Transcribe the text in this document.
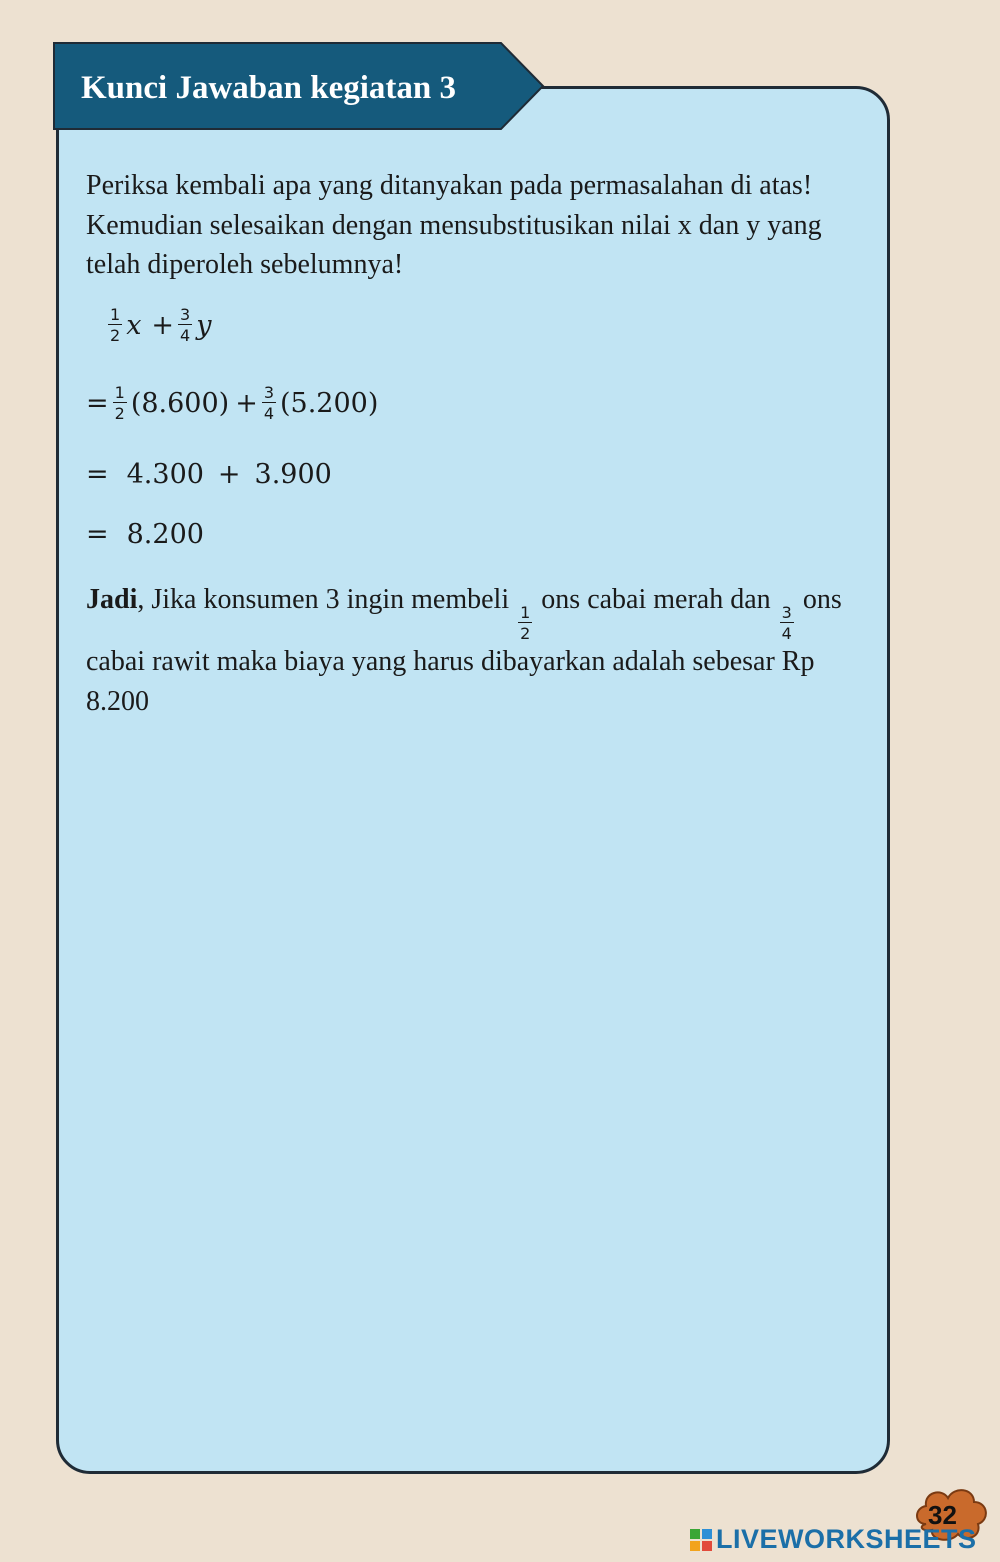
Kunci Jawaban kegiatan 3
Periksa kembali apa yang ditanyakan pada permasalahan di atas! Kemudian selesaikan dengan mensubstitusikan nilai x dan y yang telah diperoleh sebelumnya!
$\frac{1}{2}$ $x + \frac{3}{4}$ y
= $\frac{1}{2} (8.600) + \frac{3}{4} (5.200)$
= 4.300 + 3.900
= 8.200
Jadi, Jika konsumen 3 ingin membeli
$\frac{1}{2}$
ons cabai merah dan
$\frac{3}{4}$
ons cabai rawit maka biaya yang harus dibayarkan adalah sebesar Rp 8.200
32
LIVEWORKSHEETS
